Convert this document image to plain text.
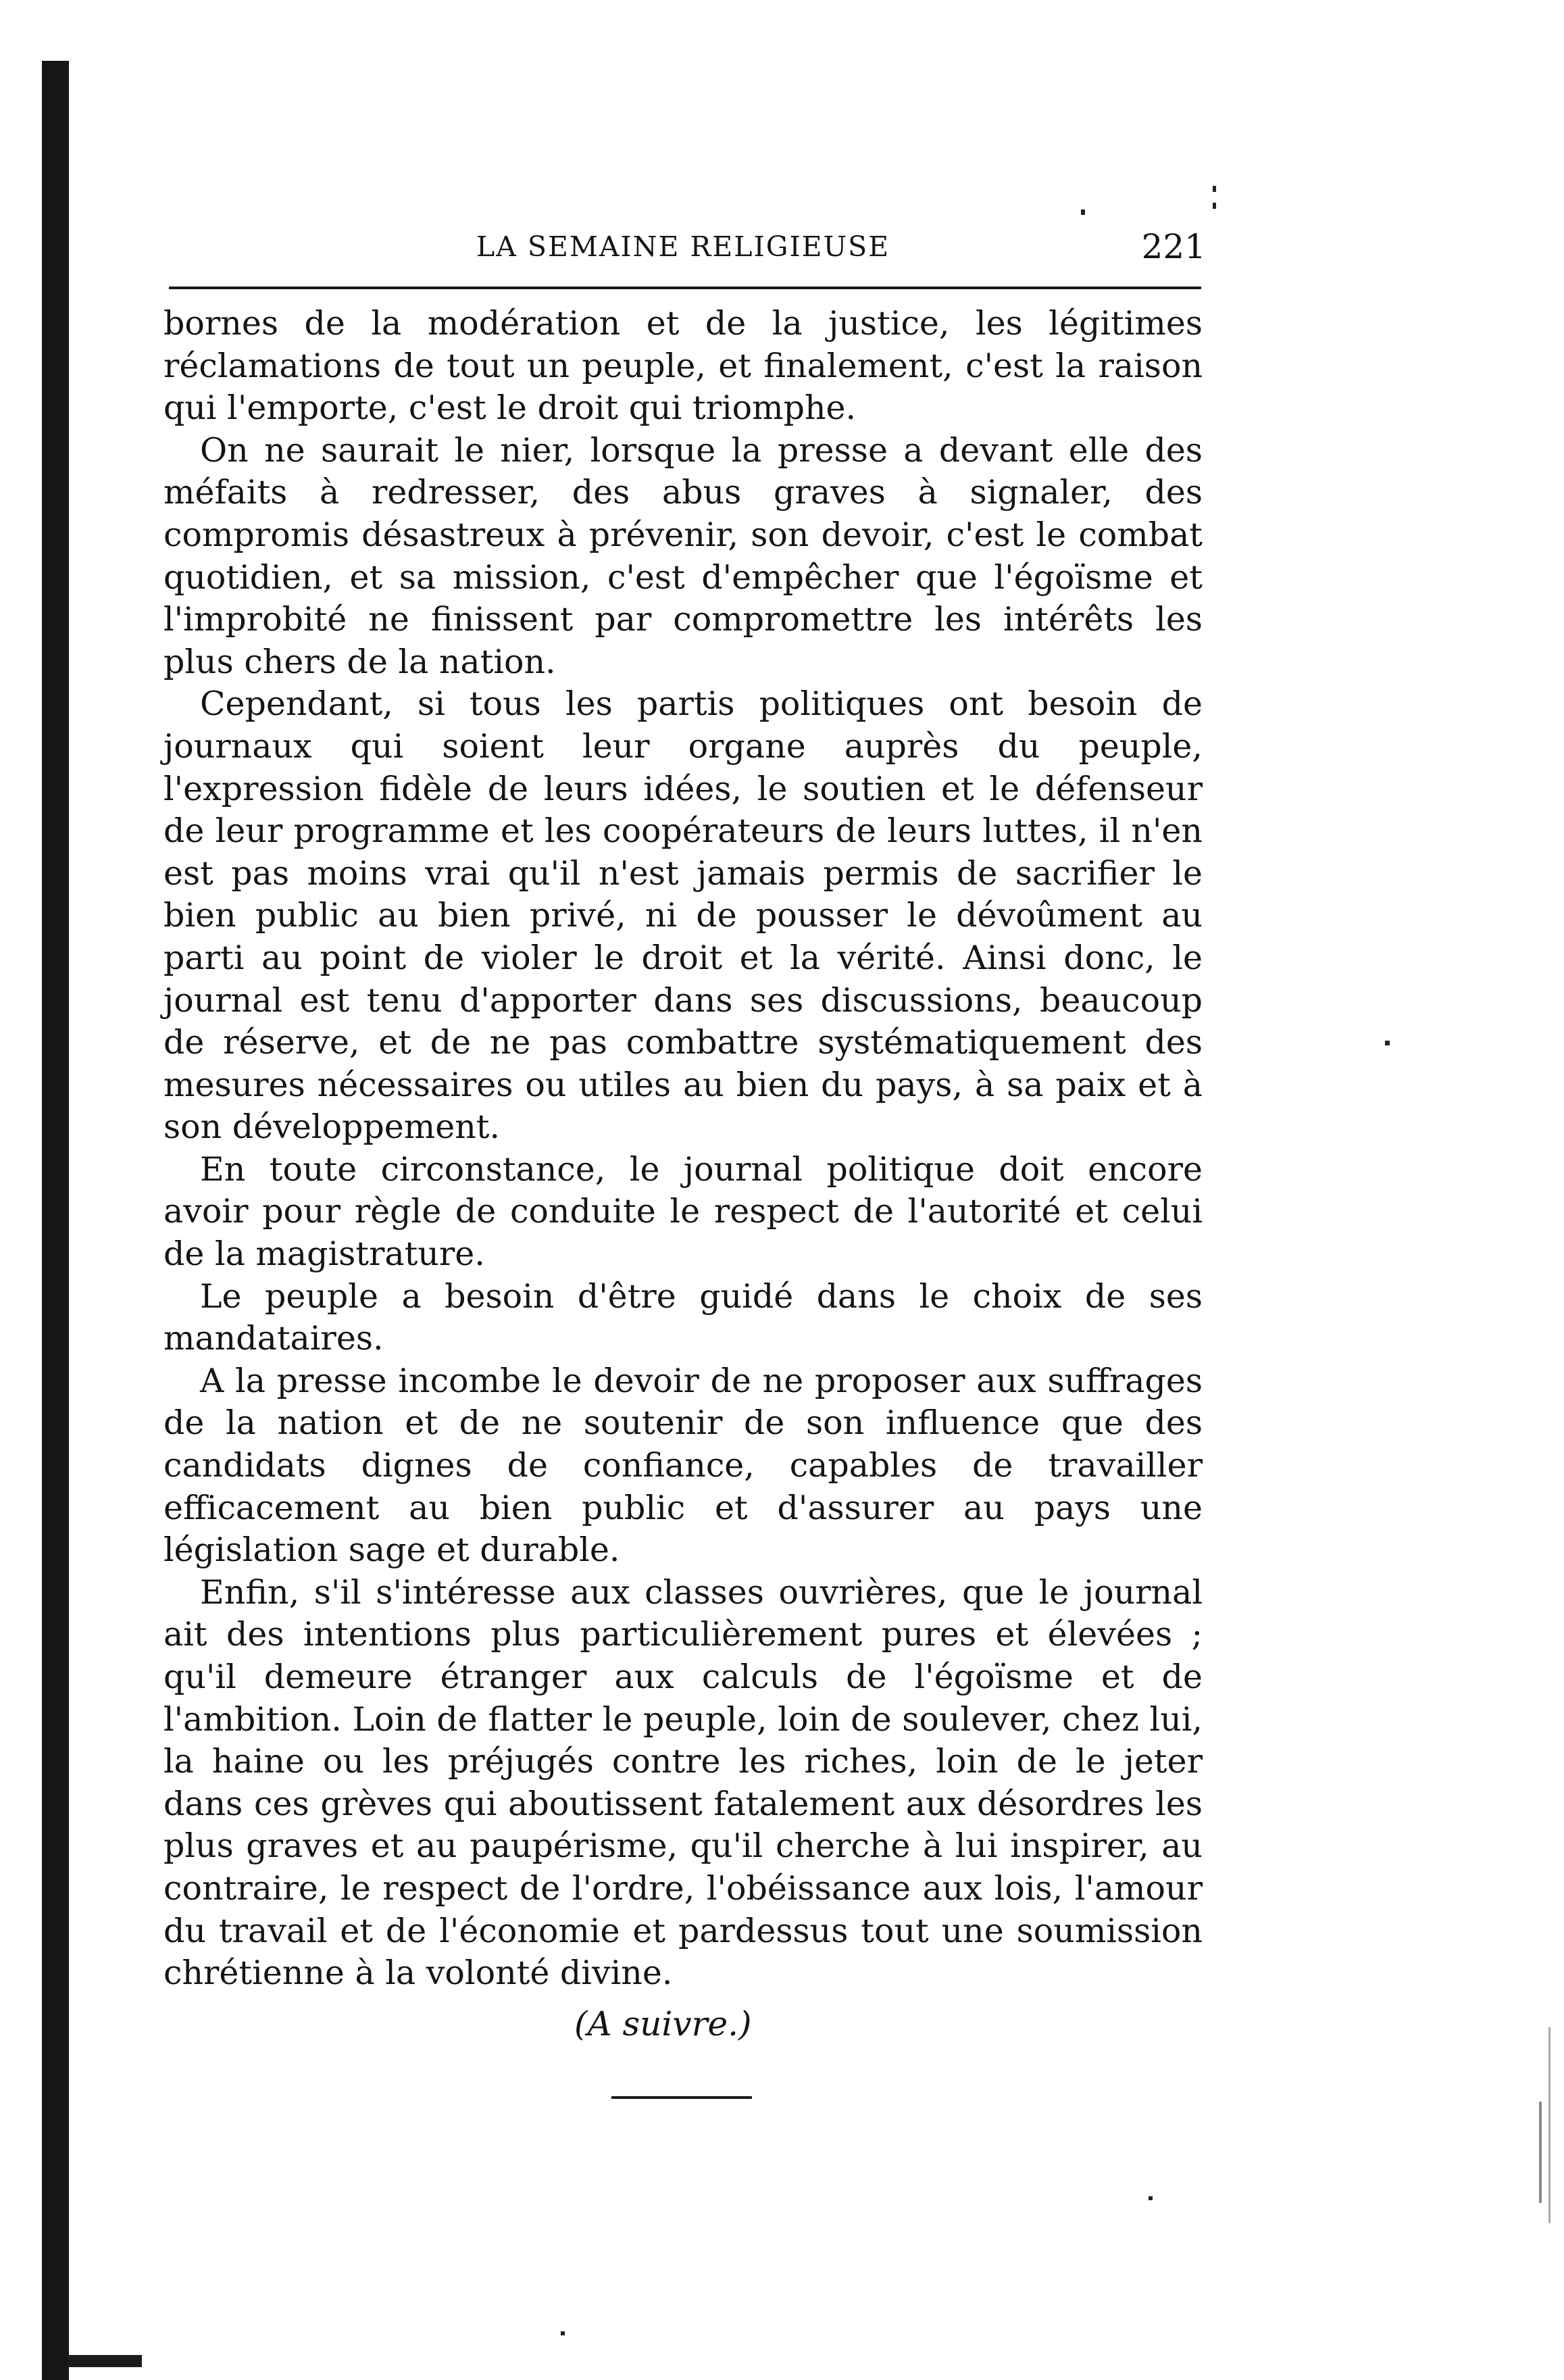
LA SEMAINE RELIGIEUSE	221

bornes de la modération et de la justice, les légitimes réclamations de tout un peuple, et finalement, c'est la raison qui l'emporte, c'est le droit qui triomphe.

On ne saurait le nier, lorsque la presse a devant elle des méfaits à redresser, des abus graves à signaler, des compromis désastreux à prévenir, son devoir, c'est le combat quotidien, et sa mission, c'est d'empêcher que l'égoïsme et l'improbité ne finissent par compromettre les intérêts les plus chers de la nation.

Cependant, si tous les partis politiques ont besoin de journaux qui soient leur organe auprès du peuple, l'expression fidèle de leurs idées, le soutien et le défenseur de leur programme et les coopérateurs de leurs luttes, il n'en est pas moins vrai qu'il n'est jamais permis de sacrifier le bien public au bien privé, ni de pousser le dévoûment au parti au point de violer le droit et la vérité. Ainsi donc, le journal est tenu d'apporter dans ses discussions, beaucoup de réserve, et de ne pas combattre systématiquement des mesures nécessaires ou utiles au bien du pays, à sa paix et à son développement.

En toute circonstance, le journal politique doit encore avoir pour règle de conduite le respect de l'autorité et celui de la magistrature.

Le peuple a besoin d'être guidé dans le choix de ses mandataires.

A la presse incombe le devoir de ne proposer aux suffrages de la nation et de ne soutenir de son influence que des candidats dignes de confiance, capables de travailler efficacement au bien public et d'assurer au pays une législation sage et durable.

Enfin, s'il s'intéresse aux classes ouvrières, que le journal ait des intentions plus particulièrement pures et élevées ; qu'il demeure étranger aux calculs de l'égoïsme et de l'ambition. Loin de flatter le peuple, loin de soulever, chez lui, la haine ou les préjugés contre les riches, loin de le jeter dans ces grèves qui aboutissent fatalement aux désordres les plus graves et au paupérisme, qu'il cherche à lui inspirer, au contraire, le respect de l'ordre, l'obéissance aux lois, l'amour du travail et de l'économie et pardessus tout une soumission chrétienne à la volonté divine.

(A suivre.)
